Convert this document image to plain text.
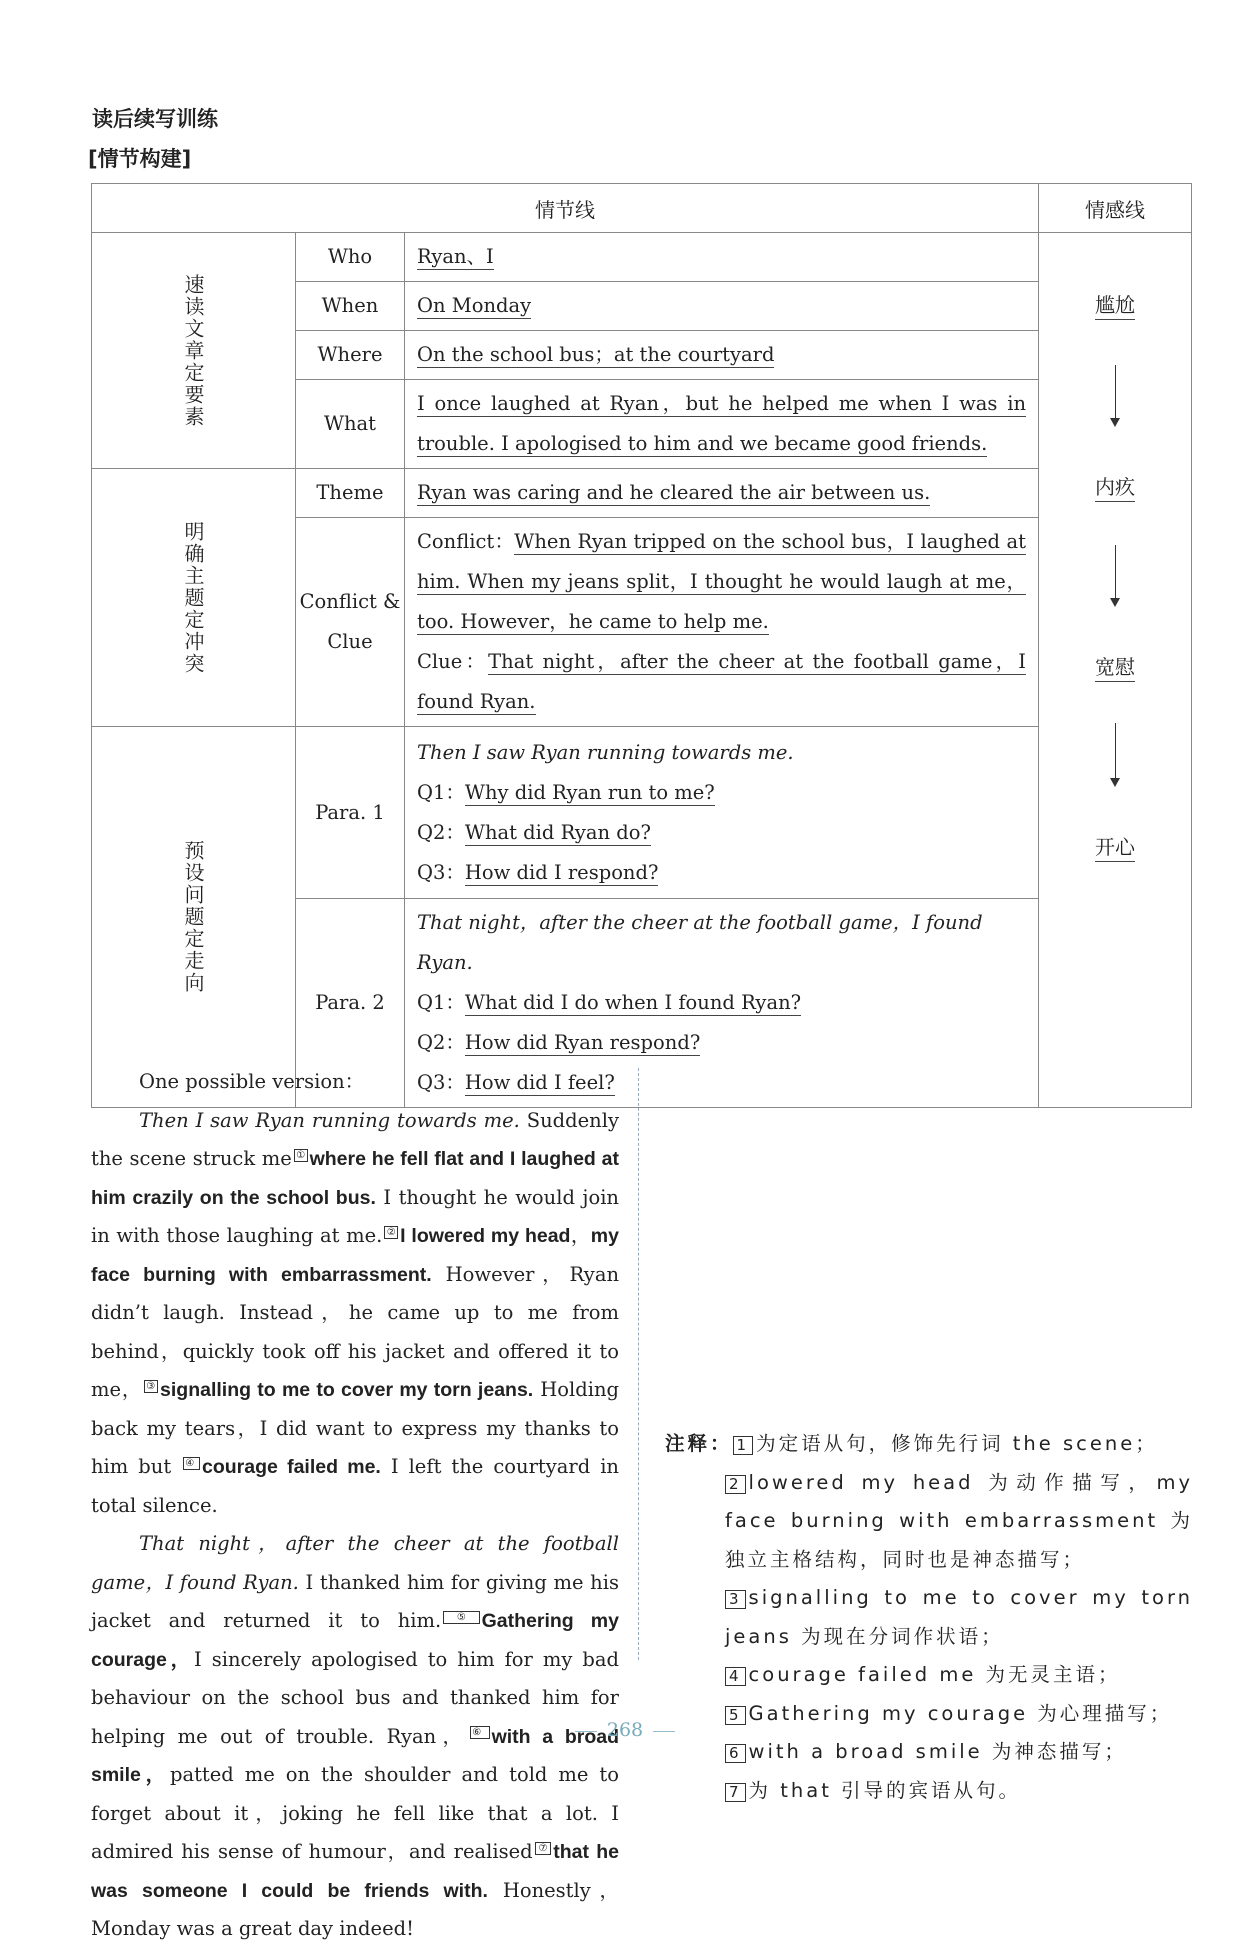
读后续写训练
[情节构建]
情节线			情感线

速读文章定要素	Who	Ryan、I	尴尬
内疚
宽慰
开心

	When	On Monday	
	Where	On the school bus；at the courtyard	
	What	I once laughed at Ryan，but he helped me when I was in trouble. I apologised to him and we became good friends.	

明确主题定冲突	Theme	Ryan was caring and he cleared the air between us.	
	Conflict & Clue	Conflict：When Ryan tripped on the school bus，I laughed at him. When my jeans split，I thought he would laugh at me，too. However，he came to help me.
Clue：That night，after the cheer at the football game，I found Ryan.	

预设问题定走向	Para. 1	Then I saw Ryan running towards me.
Q1：Why did Ryan run to me?
Q2：What did Ryan do?
Q3：How did I respond?	
	Para. 2	That night，after the cheer at the football game，I found Ryan.
Q1：What did I do when I found Ryan?
Q2：How did Ryan respond?
Q3：How did I feel?	

One possible version：

Then I saw Ryan running towards me. Suddenly the scene struck me ① where he fell flat and I laughed at him crazily on the school bus. I thought he would join in with those laughing at me. ② I lowered my head，my face burning with embarrassment. However，Ryan didn’t laugh. Instead，he came up to me from behind，quickly took off his jacket and offered it to me， ③ signalling to me to cover my torn jeans. Holding back my tears，I did want to express my thanks to him but ④ courage failed me. I left the courtyard in total silence.

That night，after the cheer at the football game，I found Ryan. I thanked him for giving me his jacket and returned it to him. ⑤ Gathering my courage，I sincerely apologised to him for my bad behaviour on the school bus and thanked him for helping me out of trouble. Ryan， ⑥ with a broad smile，patted me on the shoulder and told me to forget about it，joking he fell like that a lot. I admired his sense of humour，and realised ⑦ that he was someone I could be friends with. Honestly，Monday was a great day indeed!

注释： 1 为定语从句，修饰先行词 the scene；

2 lowered my head 为动作描写，my face burning with embarrassment 为独立主格结构，同时也是神态描写；

3 signalling to me to cover my torn jeans 为现在分词作状语；

4 courage failed me 为无灵主语；

5 Gathering my courage 为心理描写；

6 with a broad smile 为神态描写；

7 为 that 引导的宾语从句。

268
